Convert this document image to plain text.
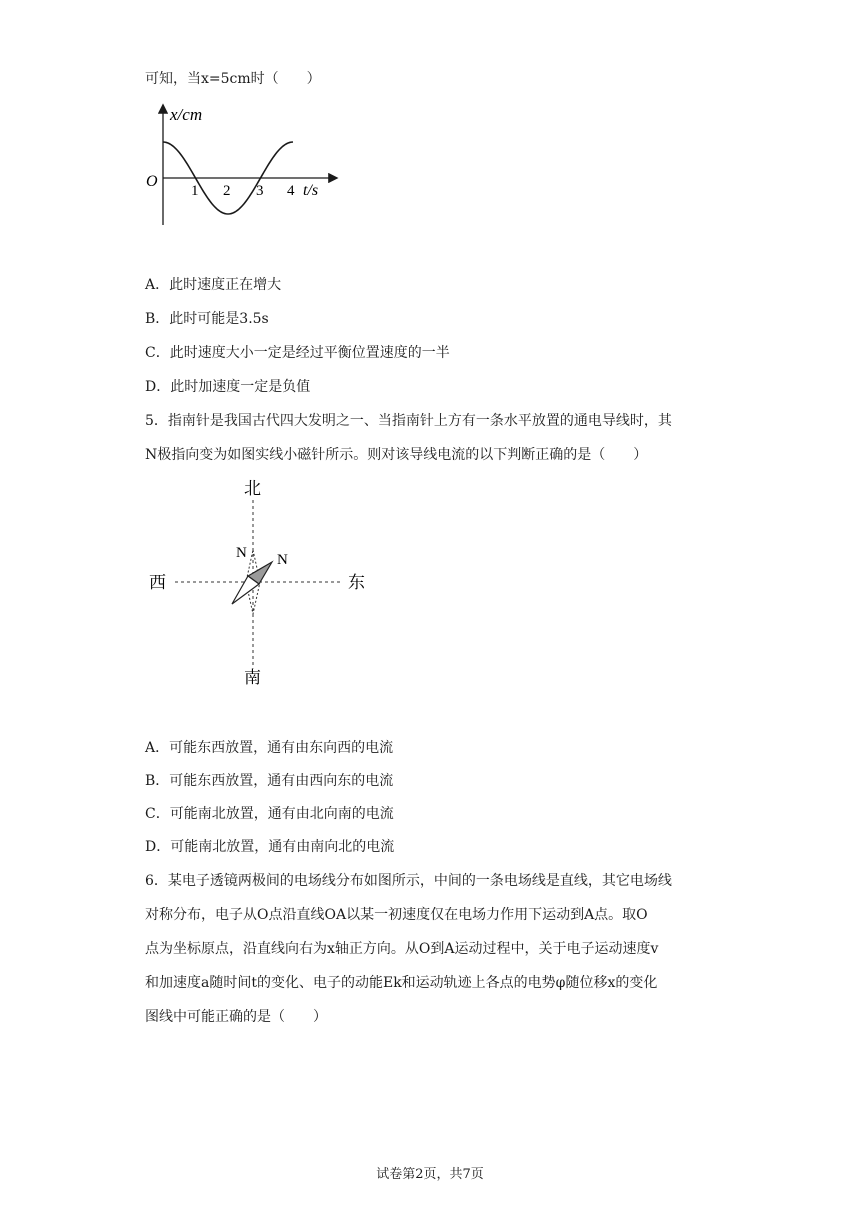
可知，当x=5cm时（　　）
x/cm
O
1 2 3 4 t/s
A．此时速度正在增大
B．此时可能是3.5s
C．此时速度大小一定是经过平衡位置速度的一半
D．此时加速度一定是负值
5．指南针是我国古代四大发明之一、当指南针上方有一条水平放置的通电导线时，其
N极指向变为如图实线小磁针所示。则对该导线电流的以下判断正确的是（　　）
北
南
西	东
N N
A．可能东西放置，通有由东向西的电流
B．可能东西放置，通有由西向东的电流
C．可能南北放置，通有由北向南的电流
D．可能南北放置，通有由南向北的电流
6．某电子透镜两极间的电场线分布如图所示，中间的一条电场线是直线，其它电场线
对称分布，电子从O点沿直线OA以某一初速度仅在电场力作用下运动到A点。取O
点为坐标原点，沿直线向右为x轴正方向。从O到A运动过程中，关于电子运动速度v
和加速度a随时间t的变化、电子的动能Ek和运动轨迹上各点的电势φ随位移x的变化
图线中可能正确的是（　　）
试卷第2页，共7页
